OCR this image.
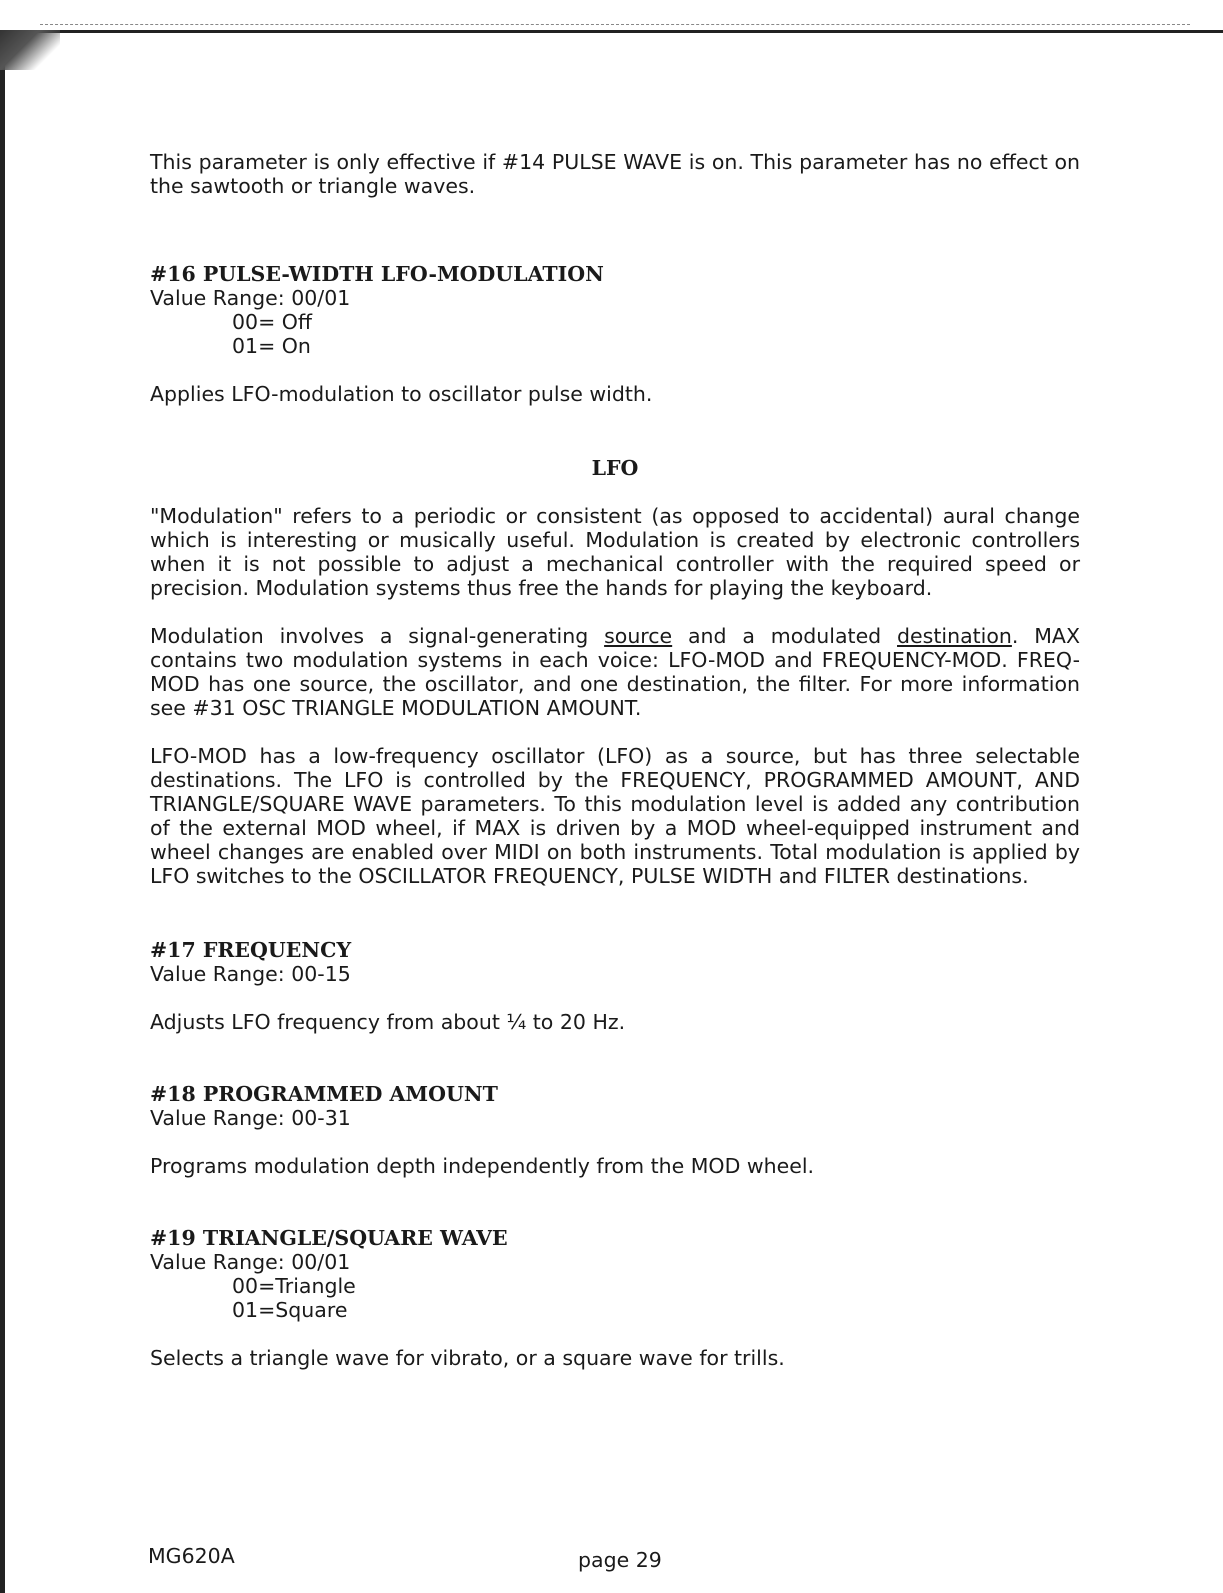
This parameter is only effective if #14 PULSE WAVE is on. This parameter has no effect on the sawtooth or triangle waves.

#16 PULSE-WIDTH LFO-MODULATION

Value Range: 00/01

00= Off

01= On

Applies LFO-modulation to oscillator pulse width.

LFO

"Modulation" refers to a periodic or consistent (as opposed to accidental) aural change which is interesting or musically useful. Modulation is created by electronic controllers when it is not possible to adjust a mechanical controller with the required speed or precision. Modulation systems thus free the hands for playing the keyboard.

Modulation involves a signal-generating source and a modulated destination. MAX contains two modulation systems in each voice: LFO-MOD and FREQUENCY-MOD. FREQ-MOD has one source, the oscillator, and one destination, the filter. For more information see #31 OSC TRIANGLE MODULATION AMOUNT.

LFO-MOD has a low-frequency oscillator (LFO) as a source, but has three selectable destinations. The LFO is controlled by the FREQUENCY, PROGRAMMED AMOUNT, AND TRIANGLE/SQUARE WAVE parameters. To this modulation level is added any contribution of the external MOD wheel, if MAX is driven by a MOD wheel-equipped instrument and wheel changes are enabled over MIDI on both instruments. Total modulation is applied by LFO switches to the OSCILLATOR FREQUENCY, PULSE WIDTH and FILTER destinations.

#17 FREQUENCY

Value Range: 00-15

Adjusts LFO frequency from about ¼ to 20 Hz.

#18 PROGRAMMED AMOUNT

Value Range: 00-31

Programs modulation depth independently from the MOD wheel.

#19 TRIANGLE/SQUARE WAVE

Value Range: 00/01

00=Triangle

01=Square

Selects a triangle wave for vibrato, or a square wave for trills.

MG620A	page 29
